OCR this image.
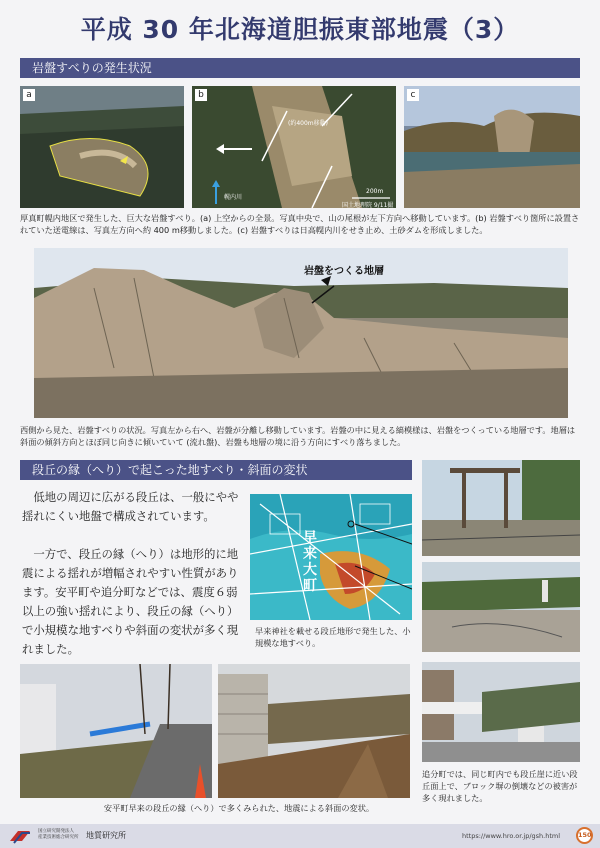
平成 30 年北海道胆振東部地震（3）
岩盤すべりの発生状況
a	b
(約400m移動)
幌内川
200m
国土地理院 9/11撮
c
厚真町幌内地区で発生した、巨大な岩盤すべり。(a) 上空からの全景。写真中央で、山の尾根が左下方向へ移動しています。(b) 岩盤すべり箇所に設置されていた送電線は、写真左方向へ約 400 m移動しました。(c) 岩盤すべりは日高幌内川をせき止め、土砂ダムを形成しました。
岩盤をつくる地層
西側から見た、岩盤すべりの状況。写真左から右へ、岩盤が分離し移動しています。岩盤の中に見える縞模様は、岩盤をつくっている地層です。地層は斜面の傾斜方向とほぼ同じ向きに傾いていて (流れ盤)、岩盤も地層の境に沿う方向にすべり落ちました。
段丘の縁（へり）で起こった地すべり・斜面の変状

低地の周辺に広がる段丘は、一般にやや揺れにくい地盤で構成されています。

一方で、段丘の縁（へり）は地形的に地震による揺れが増幅されやすい性質があります。安平町や追分町などでは、震度６弱以上の強い揺れにより、段丘の縁（へり）で小規模な地すべりや斜面の変状が多く現れました。

早来大町
早来神社を載せる段丘地形で発生した、小規模な地すべり。
安平町早来の段丘の縁（へり）で多くみられた、地震による斜面の変状。
追分町では、同じ町内でも段丘崖に近い段丘面上で、ブロック塀の倒壊などの被害が多く現れました。
国立研究開発法人
産業技術総合研究所 地質研究所	https://www.hro.or.jp/gsh.html	150
